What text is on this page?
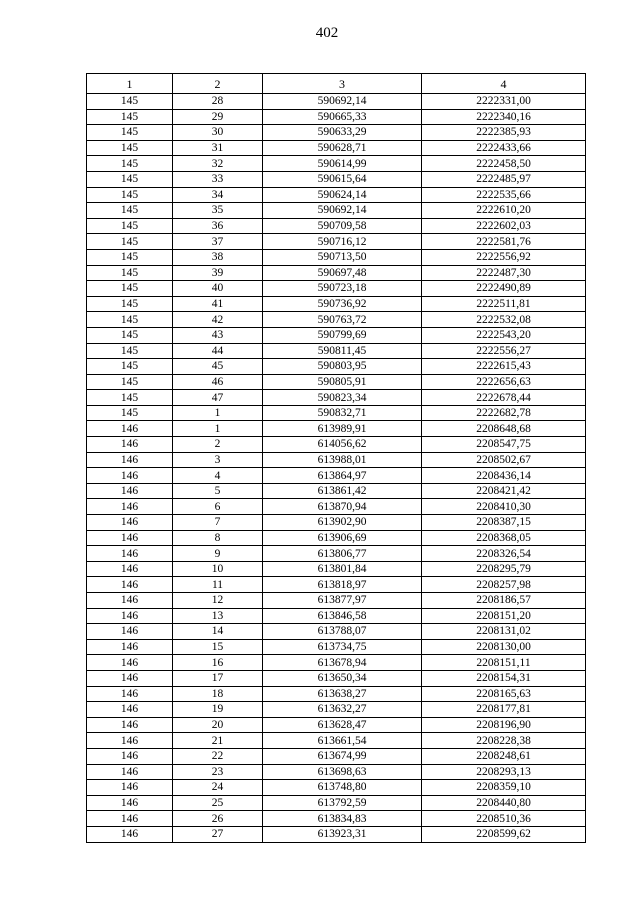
402
1	2	3	4
145	28	590692,14	2222331,00
145	29	590665,33	2222340,16
145	30	590633,29	2222385,93
145	31	590628,71	2222433,66
145	32	590614,99	2222458,50
145	33	590615,64	2222485,97
145	34	590624,14	2222535,66
145	35	590692,14	2222610,20
145	36	590709,58	2222602,03
145	37	590716,12	2222581,76
145	38	590713,50	2222556,92
145	39	590697,48	2222487,30
145	40	590723,18	2222490,89
145	41	590736,92	2222511,81
145	42	590763,72	2222532,08
145	43	590799,69	2222543,20
145	44	590811,45	2222556,27
145	45	590803,95	2222615,43
145	46	590805,91	2222656,63
145	47	590823,34	2222678,44
145	1	590832,71	2222682,78
146	1	613989,91	2208648,68
146	2	614056,62	2208547,75
146	3	613988,01	2208502,67
146	4	613864,97	2208436,14
146	5	613861,42	2208421,42
146	6	613870,94	2208410,30
146	7	613902,90	2208387,15
146	8	613906,69	2208368,05
146	9	613806,77	2208326,54
146	10	613801,84	2208295,79
146	11	613818,97	2208257,98
146	12	613877,97	2208186,57
146	13	613846,58	2208151,20
146	14	613788,07	2208131,02
146	15	613734,75	2208130,00
146	16	613678,94	2208151,11
146	17	613650,34	2208154,31
146	18	613638,27	2208165,63
146	19	613632,27	2208177,81
146	20	613628,47	2208196,90
146	21	613661,54	2208228,38
146	22	613674,99	2208248,61
146	23	613698,63	2208293,13
146	24	613748,80	2208359,10
146	25	613792,59	2208440,80
146	26	613834,83	2208510,36
146	27	613923,31	2208599,62
